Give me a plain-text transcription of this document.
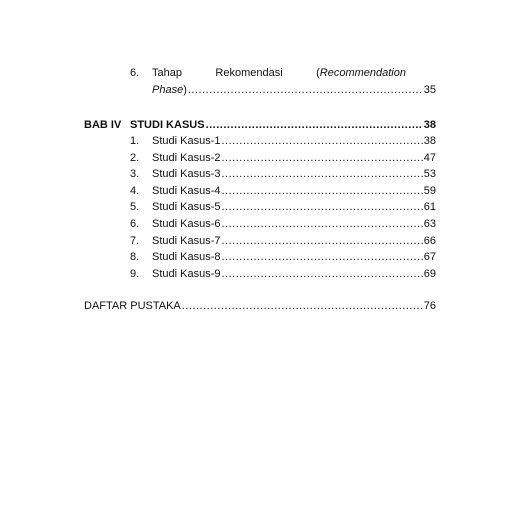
6.	Tahap	Rekomendasi	(Recommendation
Phase) .....	35
BAB IV STUDI KASUS .....	38
1.	Studi Kasus-1 .....	38
2.	Studi Kasus-2 .....	47
3.	Studi Kasus-3 .....	53
4.	Studi Kasus-4 .....	59
5.	Studi Kasus-5 .....	61
6.	Studi Kasus-6 .....	63
7.	Studi Kasus-7 .....	66
8.	Studi Kasus-8 .....	67
9.	Studi Kasus-9 .....	69
DAFTAR PUSTAKA .....	76
